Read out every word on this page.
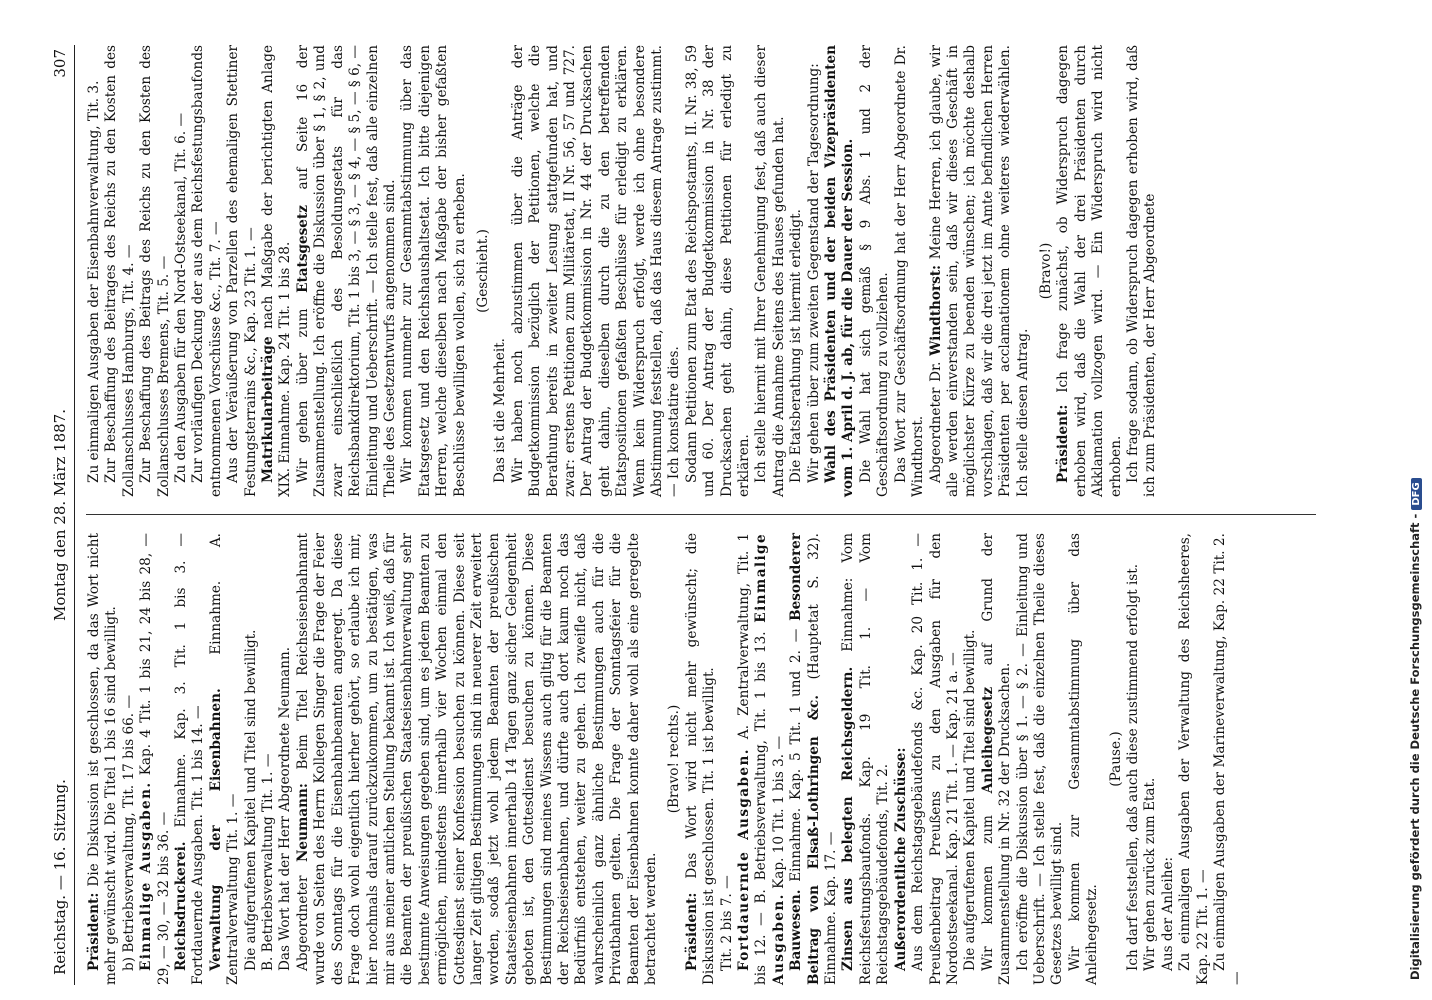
Reichstag. — 16. Sitzung.
Montag den 28. März 1887.
307

Präsident: Die Diskussion ist geschlossen, da das Wort nicht mehr gewünscht wird. Die Titel 1 bis 16 sind bewilligt. b) Betriebsverwaltung, Tit. 17 bis 66. — Einmalige Ausgaben. Kap. 4 Tit. 1 bis 21, 24 bis 28, — 29, — 30, — 32 bis 36. — Reichsdruckerei. Einnahme. Kap. 3. Tit. 1 bis 3. — Fortdauernde Ausgaben. Tit. 1 bis 14. — Verwaltung der Eisenbahnen. Einnahme. A. Zentralverwaltung Tit. 1. — Die aufgerufenen Kapitel und Titel sind bewilligt. B. Betriebsverwaltung Tit. 1. — Das Wort hat der Herr Abgeordnete Neumann. Abgeordneter Neumann: Beim Titel Reichseisenbahnamt wurde von Seiten des Herrn Kollegen Singer die Frage der Feier des Sonntags für die Eisenbahnbeamten angeregt. Da diese Frage doch wohl eigentlich hierher gehört, so erlaube ich mir, hier nochmals darauf zurückzukommen, um zu bestätigen, was mir aus meiner amtlichen Stellung bekannt ist. Ich weiß, daß für die Beamten der preußischen Staatseisenbahnverwaltung sehr bestimmte Anweisungen gegeben sind, um es jedem Beamten zu ermöglichen, mindestens innerhalb vier Wochen einmal den Gottesdienst seiner Konfession besuchen zu können. Diese seit langer Zeit giltigen Bestimmungen sind in neuerer Zeit erweitert worden, sodaß jetzt wohl jedem Beamten der preußischen Staatseisenbahnen innerhalb 14 Tagen ganz sicher Gelegenheit geboten ist, den Gottesdienst besuchen zu können. Diese Bestimmungen sind meines Wissens auch giltig für die Beamten der Reichseisenbahnen, und dürfte auch dort kaum noch das Bedürfniß entstehen, weiter zu gehen. Ich zweifle nicht, daß wahrscheinlich ganz ähnliche Bestimmungen auch für die Privatbahnen gelten. Die Frage der Sonntagsfeier für die Beamten der Eisenbahnen konnte daher wohl als eine geregelte betrachtet werden.

(Bravo! rechts.)

Präsident: Das Wort wird nicht mehr gewünscht; die Diskussion ist geschlossen. Tit. 1 ist bewilligt. Tit. 2 bis 7. — Fortdauernde Ausgaben. A. Zentralverwaltung, Tit. 1 bis 12. — B. Betriebsverwaltung, Tit. 1 bis 13. Einmalige Ausgaben. Kap. 10 Tit. 1 bis 3. —

Bauwesen. Einnahme. Kap. 5 Tit. 1 und 2. — Besonderer Beitrag von Elsaß-Lothringen &c. (Hauptetat S. 32). Einnahme. Kap. 17. — Zinsen aus belegten Reichsgeldern. Einnahme: Vom Reichsfestungsbaufonds. Kap. 19 Tit. 1. — Vom Reichstagsgebäudefonds, Tit. 2. Außerordentliche Zuschüsse: Aus dem Reichstagsgebäudefonds &c. Kap. 20 Tit. 1. — Preußenbeitrag Preußens zu den Ausgaben für den Nordostseekanal. Kap. 21 Tit. 1. — Kap. 21 a. — Die aufgerufenen Kapitel und Titel sind bewilligt. Wir kommen zum Anleihegesetz auf Grund der Zusammenstellung in Nr. 32 der Drucksachen. Ich eröffne die Diskussion über § 1. — § 2. — Einleitung und Ueberschrift. — Ich stelle fest, daß die einzelnen Theile dieses Gesetzes bewilligt sind. Wir kommen zur Gesammtabstimmung über das Anleihegesetz.

(Pause.) Ich darf feststellen, daß auch diese zustimmend erfolgt ist. Wir gehen zurück zum Etat. Aus der Anleihe: Zu einmaligen Ausgaben der Verwaltung des Reichsheeres, Kap. 22 Tit. 1. — Zu einmaligen Ausgaben der Marineverwaltung, Kap. 22 Tit. 2. —

Zu einmaligen Ausgaben der Eisenbahnverwaltung, Tit. 3. Zur Beschaffung des Beitrages des Reichs zu den Kosten des Zollanschlusses Hamburgs, Tit. 4. — Zur Beschaffung des Beitrags des Reichs zu den Kosten des Zollanschlusses Bremens, Tit. 5. — Zu den Ausgaben für den Nord-Ostseekanal, Tit. 6. — Zur vorläufigen Deckung der aus dem Reichsfestungsbaufonds entnommenen Vorschüsse &c., Tit. 7. — Aus der Veräußerung von Parzellen des ehemaligen Stettiner Festungsterrains &c., Kap. 23 Tit. 1. — Matrikularbeiträge nach Maßgabe der berichtigten Anlage XIX. Einnahme. Kap. 24 Tit. 1 bis 28. Wir gehen über zum Etatsgesetz auf Seite 16 der Zusammenstellung. Ich eröffne die Diskussion über § 1, § 2, und zwar einschließlich des Besoldungsetats für das Reichsbankdirektorium, Tit. 1 bis 3, — § 3, — § 4, — § 5, — § 6, — Einleitung und Ueberschrift. — Ich stelle fest, daß alle einzelnen Theile des Gesetzentwurfs angenommen sind. Wir kommen nunmehr zur Gesammtabstimmung über das Etatsgesetz und den Reichshaushaltsetat. Ich bitte diejenigen Herren, welche dieselben nach Maßgabe der bisher gefaßten Beschlüsse bewilligen wollen, sich zu erheben. (Geschieht.)

Das ist die Mehrheit. Wir haben noch abzustimmen über die Anträge der Budgetkommission bezüglich der Petitionen, welche die Berathung bereits in zweiter Lesung stattgefunden hat, und zwar: erstens Petitionen zum Militäretat, II Nr. 56, 57 und 727. Der Antrag der Budgetkommission in Nr. 44 der Drucksachen geht dahin, dieselben durch die zu den betreffenden Etatspositionen gefaßten Beschlüsse für erledigt zu erklären. Wenn kein Widerspruch erfolgt, werde ich ohne besondere Abstimmung feststellen, daß das Haus diesem Antrage zustimmt. — Ich konstatire dies. Sodann Petitionen zum Etat des Reichspostamts, II. Nr. 38, 59 und 60. Der Antrag der Budgetkommission in Nr. 38 der Drucksachen geht dahin, diese Petitionen für erledigt zu erklären. Ich stelle hiermit mit Ihrer Genehmigung fest, daß auch dieser Antrag die Annahme Seitens des Hauses gefunden hat. Die Etatsberathung ist hiermit erledigt. Wir gehen über zum zweiten Gegenstand der Tagesordnung: Wahl des Präsidenten und der beiden Vizepräsidenten vom 1. April d. J. ab, für die Dauer der Session. Die Wahl hat sich gemäß § 9 Abs. 1 und 2 der Geschäftsordnung zu vollziehen. Das Wort zur Geschäftsordnung hat der Herr Abgeordnete Dr. Windthorst. Abgeordneter Dr. Windthorst: Meine Herren, ich glaube, wir alle werden einverstanden sein, daß wir dieses Geschäft in möglichster Kürze zu beenden wünschen; ich möchte deshalb vorschlagen, daß wir die drei jetzt im Amte befindlichen Herren Präsidenten per acclamationem ohne weiteres wiederwählen. Ich stelle diesen Antrag.

(Bravo!)

Präsident: Ich frage zunächst, ob Widerspruch dagegen erhoben wird, daß die Wahl der drei Präsidenten durch Akklamation vollzogen wird. — Ein Widerspruch wird nicht erhoben. Ich frage sodann, ob Widerspruch dagegen erhoben wird, daß ich zum Präsidenten, der Herr Abgeordnete

Digitalisierung gefördert durch die Deutsche Forschungsgemeinschaft -DFG
